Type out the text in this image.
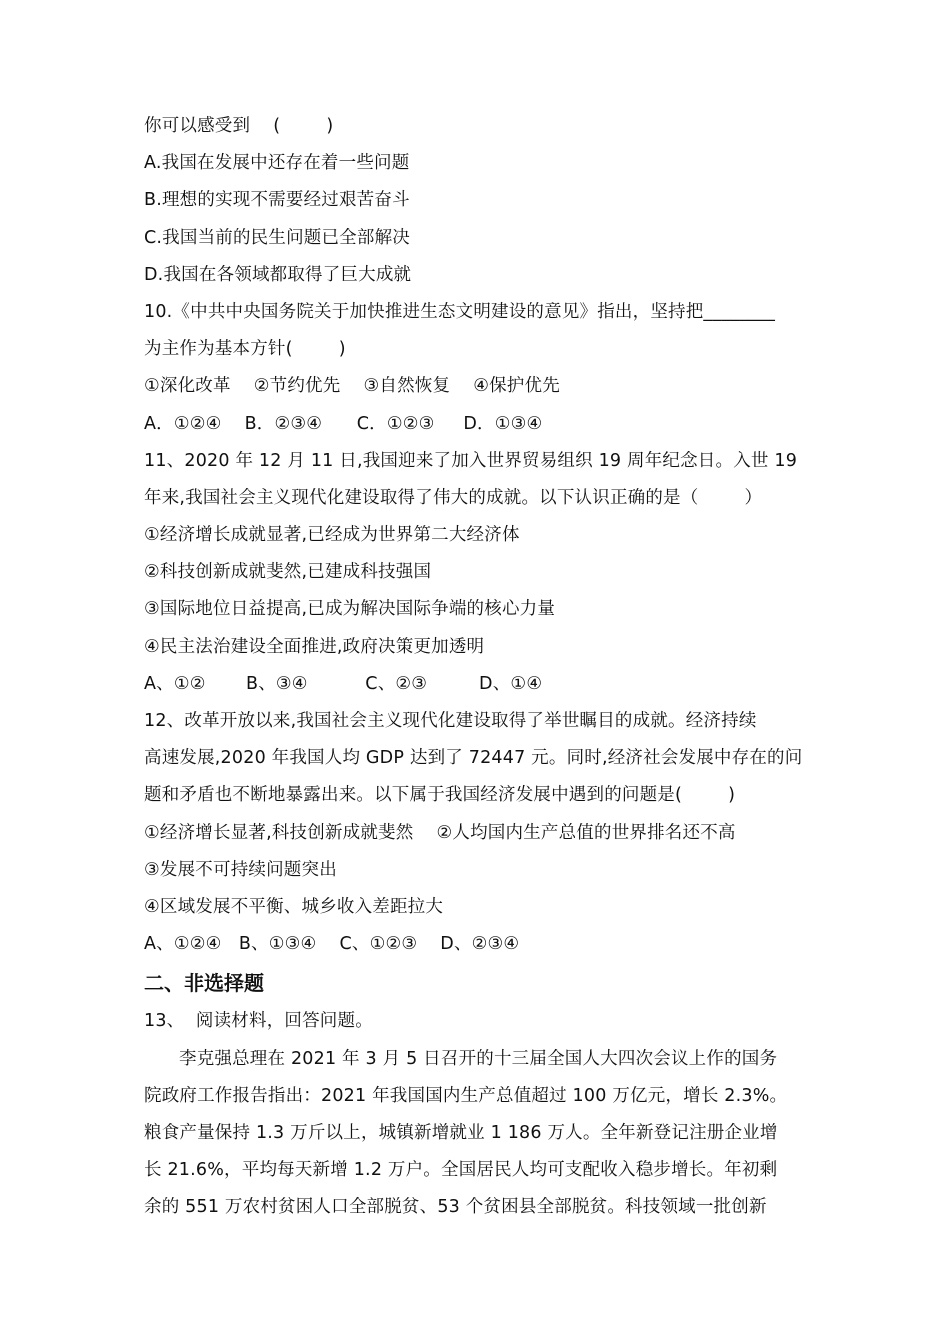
你可以感受到    (        )
A.我国在发展中还存在着一些问题
B.理想的实现不需要经过艰苦奋斗
C.我国当前的民生问题已全部解决
D.我国在各领域都取得了巨大成就
10.《中共中央国务院关于加快推进生态文明建设的意见》指出，坚持把________
为主作为基本方针(        )
①深化改革    ②节约优先    ③自然恢复    ④保护优先
A．①②④    B．②③④      C．①②③     D．①③④
11、2020 年 12 月 11 日,我国迎来了加入世界贸易组织 19 周年纪念日。入世 19
年来,我国社会主义现代化建设取得了伟大的成就。以下认识正确的是（        ）
①经济增长成就显著,已经成为世界第二大经济体
②科技创新成就斐然,已建成科技强国
③国际地位日益提高,已成为解决国际争端的核心力量
④民主法治建设全面推进,政府决策更加透明
A、①②       B、③④          C、②③         D、①④
12、改革开放以来,我国社会主义现代化建设取得了举世瞩目的成就。经济持续
高速发展,2020 年我国人均 GDP 达到了 72447 元。同时,经济社会发展中存在的问
题和矛盾也不断地暴露出来。以下属于我国经济发展中遇到的问题是(        )
①经济增长显著,科技创新成就斐然    ②人均国内生产总值的世界排名还不高
③发展不可持续问题突出
④区域发展不平衡、城乡收入差距拉大
A、①②④   B、①③④    C、①②③    D、②③④
二、非选择题
13、  阅读材料，回答问题。
李克强总理在 2021 年 3 月 5 日召开的十三届全国人大四次会议上作的国务
院政府工作报告指出：2021 年我国国内生产总值超过 100 万亿元，增长 2.3%。
粮食产量保持 1.3 万斤以上，城镇新增就业 1 186 万人。全年新登记注册企业增
长 21.6%，平均每天新增 1.2 万户。全国居民人均可支配收入稳步增长。年初剩
余的 551 万农村贫困人口全部脱贫、53 个贫困县全部脱贫。科技领域一批创新
